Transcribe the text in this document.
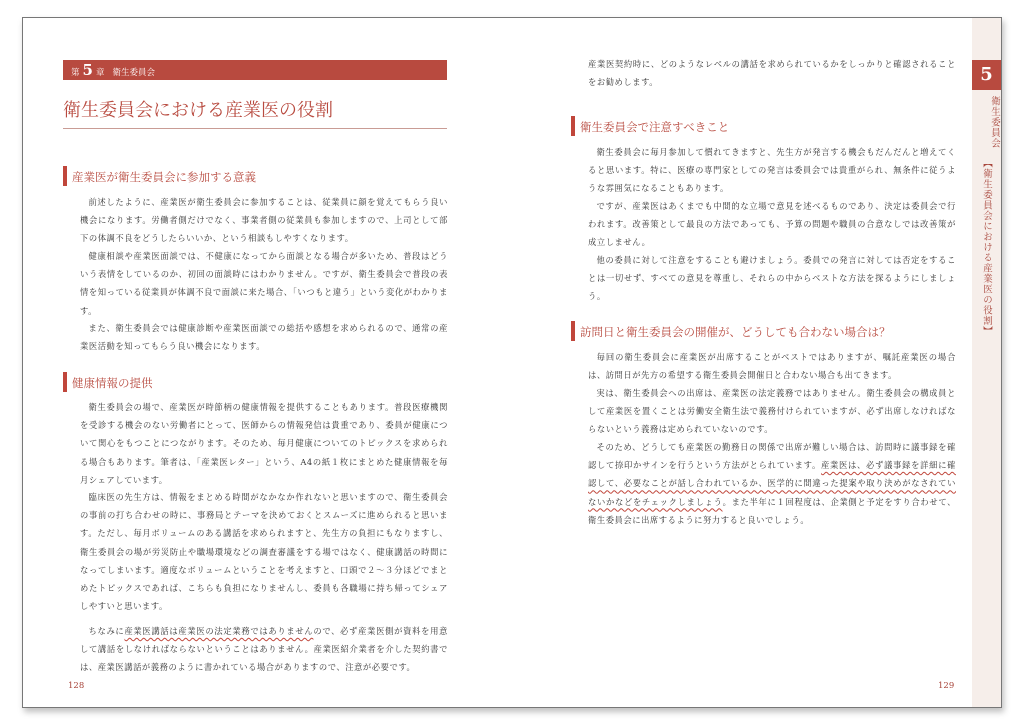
第 5 章 衛生委員会
衛生委員会における産業医の役割
産業医が衛生委員会に参加する意義
前述したように、産業医が衛生委員会に参加することは、従業員に顔を覚えてもらう良い機会になります。労働者側だけでなく、事業者側の従業員も参加しますので、上司として部下の体調不良をどうしたらいいか、という相談もしやすくなります。
健康相談や産業医面談では、不健康になってから面談となる場合が多いため、普段はどういう表情をしているのか、初回の面談時にはわかりません。ですが、衛生委員会で普段の表情を知っている従業員が体調不良で面談に来た場合、「いつもと違う」という変化がわかります。
また、衛生委員会では健康診断や産業医面談での総括や感想を求められるので、通常の産業医活動を知ってもらう良い機会になります。
健康情報の提供
衛生委員会の場で、産業医が時節柄の健康情報を提供することもあります。普段医療機関を受診する機会のない労働者にとって、医師からの情報発信は貴重であり、委員が健康について関心をもつことにつながります。そのため、毎月健康についてのトピックスを求められる場合もあります。筆者は、「産業医レター」という、A4の紙１枚にまとめた健康情報を毎月シェアしています。
臨床医の先生方は、情報をまとめる時間がなかなか作れないと思いますので、衛生委員会の事前の打ち合わせの時に、事務局とテーマを決めておくとスムーズに進められると思います。ただし、毎月ボリュームのある講話を求められますと、先生方の負担にもなりますし、衛生委員会の場が労災防止や職場環境などの調査審議をする場ではなく、健康講話の時間になってしまいます。適度なボリュームということを考えますと、口頭で２～３分ほどでまとめたトピックスであれば、こちらも負担になりませんし、委員も各職場に持ち帰ってシェアしやすいと思います。
ちなみに産業医講話は産業医の法定業務ではありませんので、必ず産業医側が資料を用意して講話をしなければならないということはありません。産業医紹介業者を介した契約書では、産業医講話が義務のように書かれている場合がありますので、注意が必要です。
128
産業医契約時に、どのようなレベルの講話を求められているかをしっかりと確認されることをお勧めします。
衛生委員会で注意すべきこと
衛生委員会に毎月参加して慣れてきますと、先生方が発言する機会もだんだんと増えてくると思います。特に、医療の専門家としての発言は委員会では貴重がられ、無条件に従うような雰囲気になることもあります。
ですが、産業医はあくまでも中間的な立場で意見を述べるものであり、決定は委員会で行われます。改善策として最良の方法であっても、予算の問題や職員の合意なしでは改善策が成立しません。
他の委員に対して注意をすることも避けましょう。委員での発言に対しては否定をすることは一切せず、すべての意見を尊重し、それらの中からベストな方法を探るようにしましょう。
訪問日と衛生委員会の開催が、どうしても合わない場合は？
毎回の衛生委員会に産業医が出席することがベストではありますが、嘱託産業医の場合は、訪問日が先方の希望する衛生委員会開催日と合わない場合も出てきます。
実は、衛生委員会への出席は、産業医の法定義務ではありません。衛生委員会の構成員として産業医を置くことは労働安全衛生法で義務付けられていますが、必ず出席しなければならないという義務は定められていないのです。
そのため、どうしても産業医の勤務日の関係で出席が難しい場合は、訪問時に議事録を確認して捺印かサインを行うという方法がとられています。産業医は、必ず議事録を詳細に確認して、必要なことが話し合われているか、医学的に間違った提案や取り決めがなされていないかなどをチェックしましょう。また半年に１回程度は、企業側と予定をすり合わせて、衛生委員会に出席するように努力すると良いでしょう。
129
5
衛生委員会
【衛生委員会における産業医の役割】
